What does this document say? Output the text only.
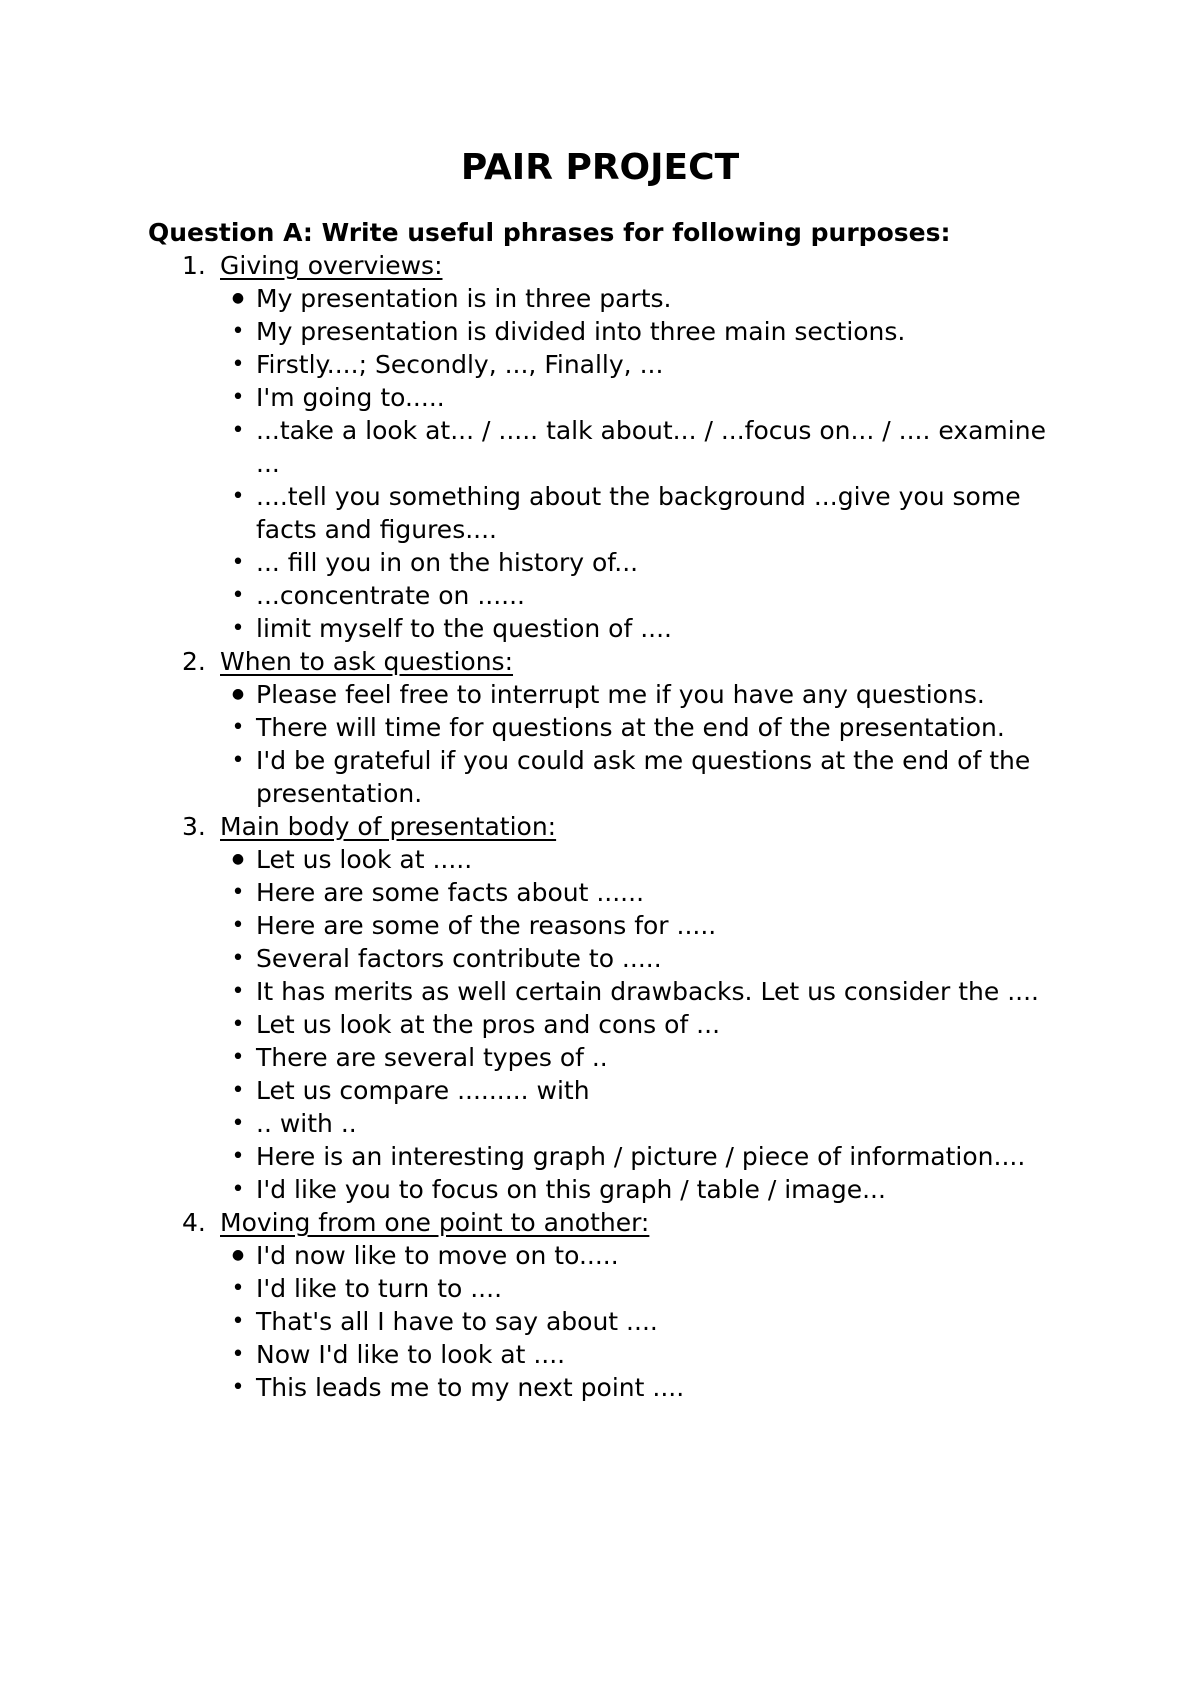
PAIR PROJECT

Question A: Write useful phrases for following purposes:

1. Giving overviews:
● My presentation is in three parts.
• My presentation is divided into three main sections.
• Firstly....; Secondly, ..., Finally, ...
• I'm going to.....
• ...take a look at... / ..... talk about... / ...focus on... / .... examine ...
• ....tell you something about the background ...give you some facts and figures....
• ... fill you in on the history of...
• ...concentrate on ......
• limit myself to the question of ....
2. When to ask questions:
● Please feel free to interrupt me if you have any questions.
• There will time for questions at the end of the presentation.
• I'd be grateful if you could ask me questions at the end of the presentation.
3. Main body of presentation:
● Let us look at .....
• Here are some facts about ......
• Here are some of the reasons for .....
• Several factors contribute to .....
• It has merits as well certain drawbacks. Let us consider the ....
• Let us look at the pros and cons of ...
• There are several types of ..
• Let us compare ......... with
• .. with ..
• Here is an interesting graph / picture / piece of information....
• I'd like you to focus on this graph / table / image...
4. Moving from one point to another:
● I'd now like to move on to.....
• I'd like to turn to ....
• That's all I have to say about ....
• Now I'd like to look at ....
• This leads me to my next point ....
